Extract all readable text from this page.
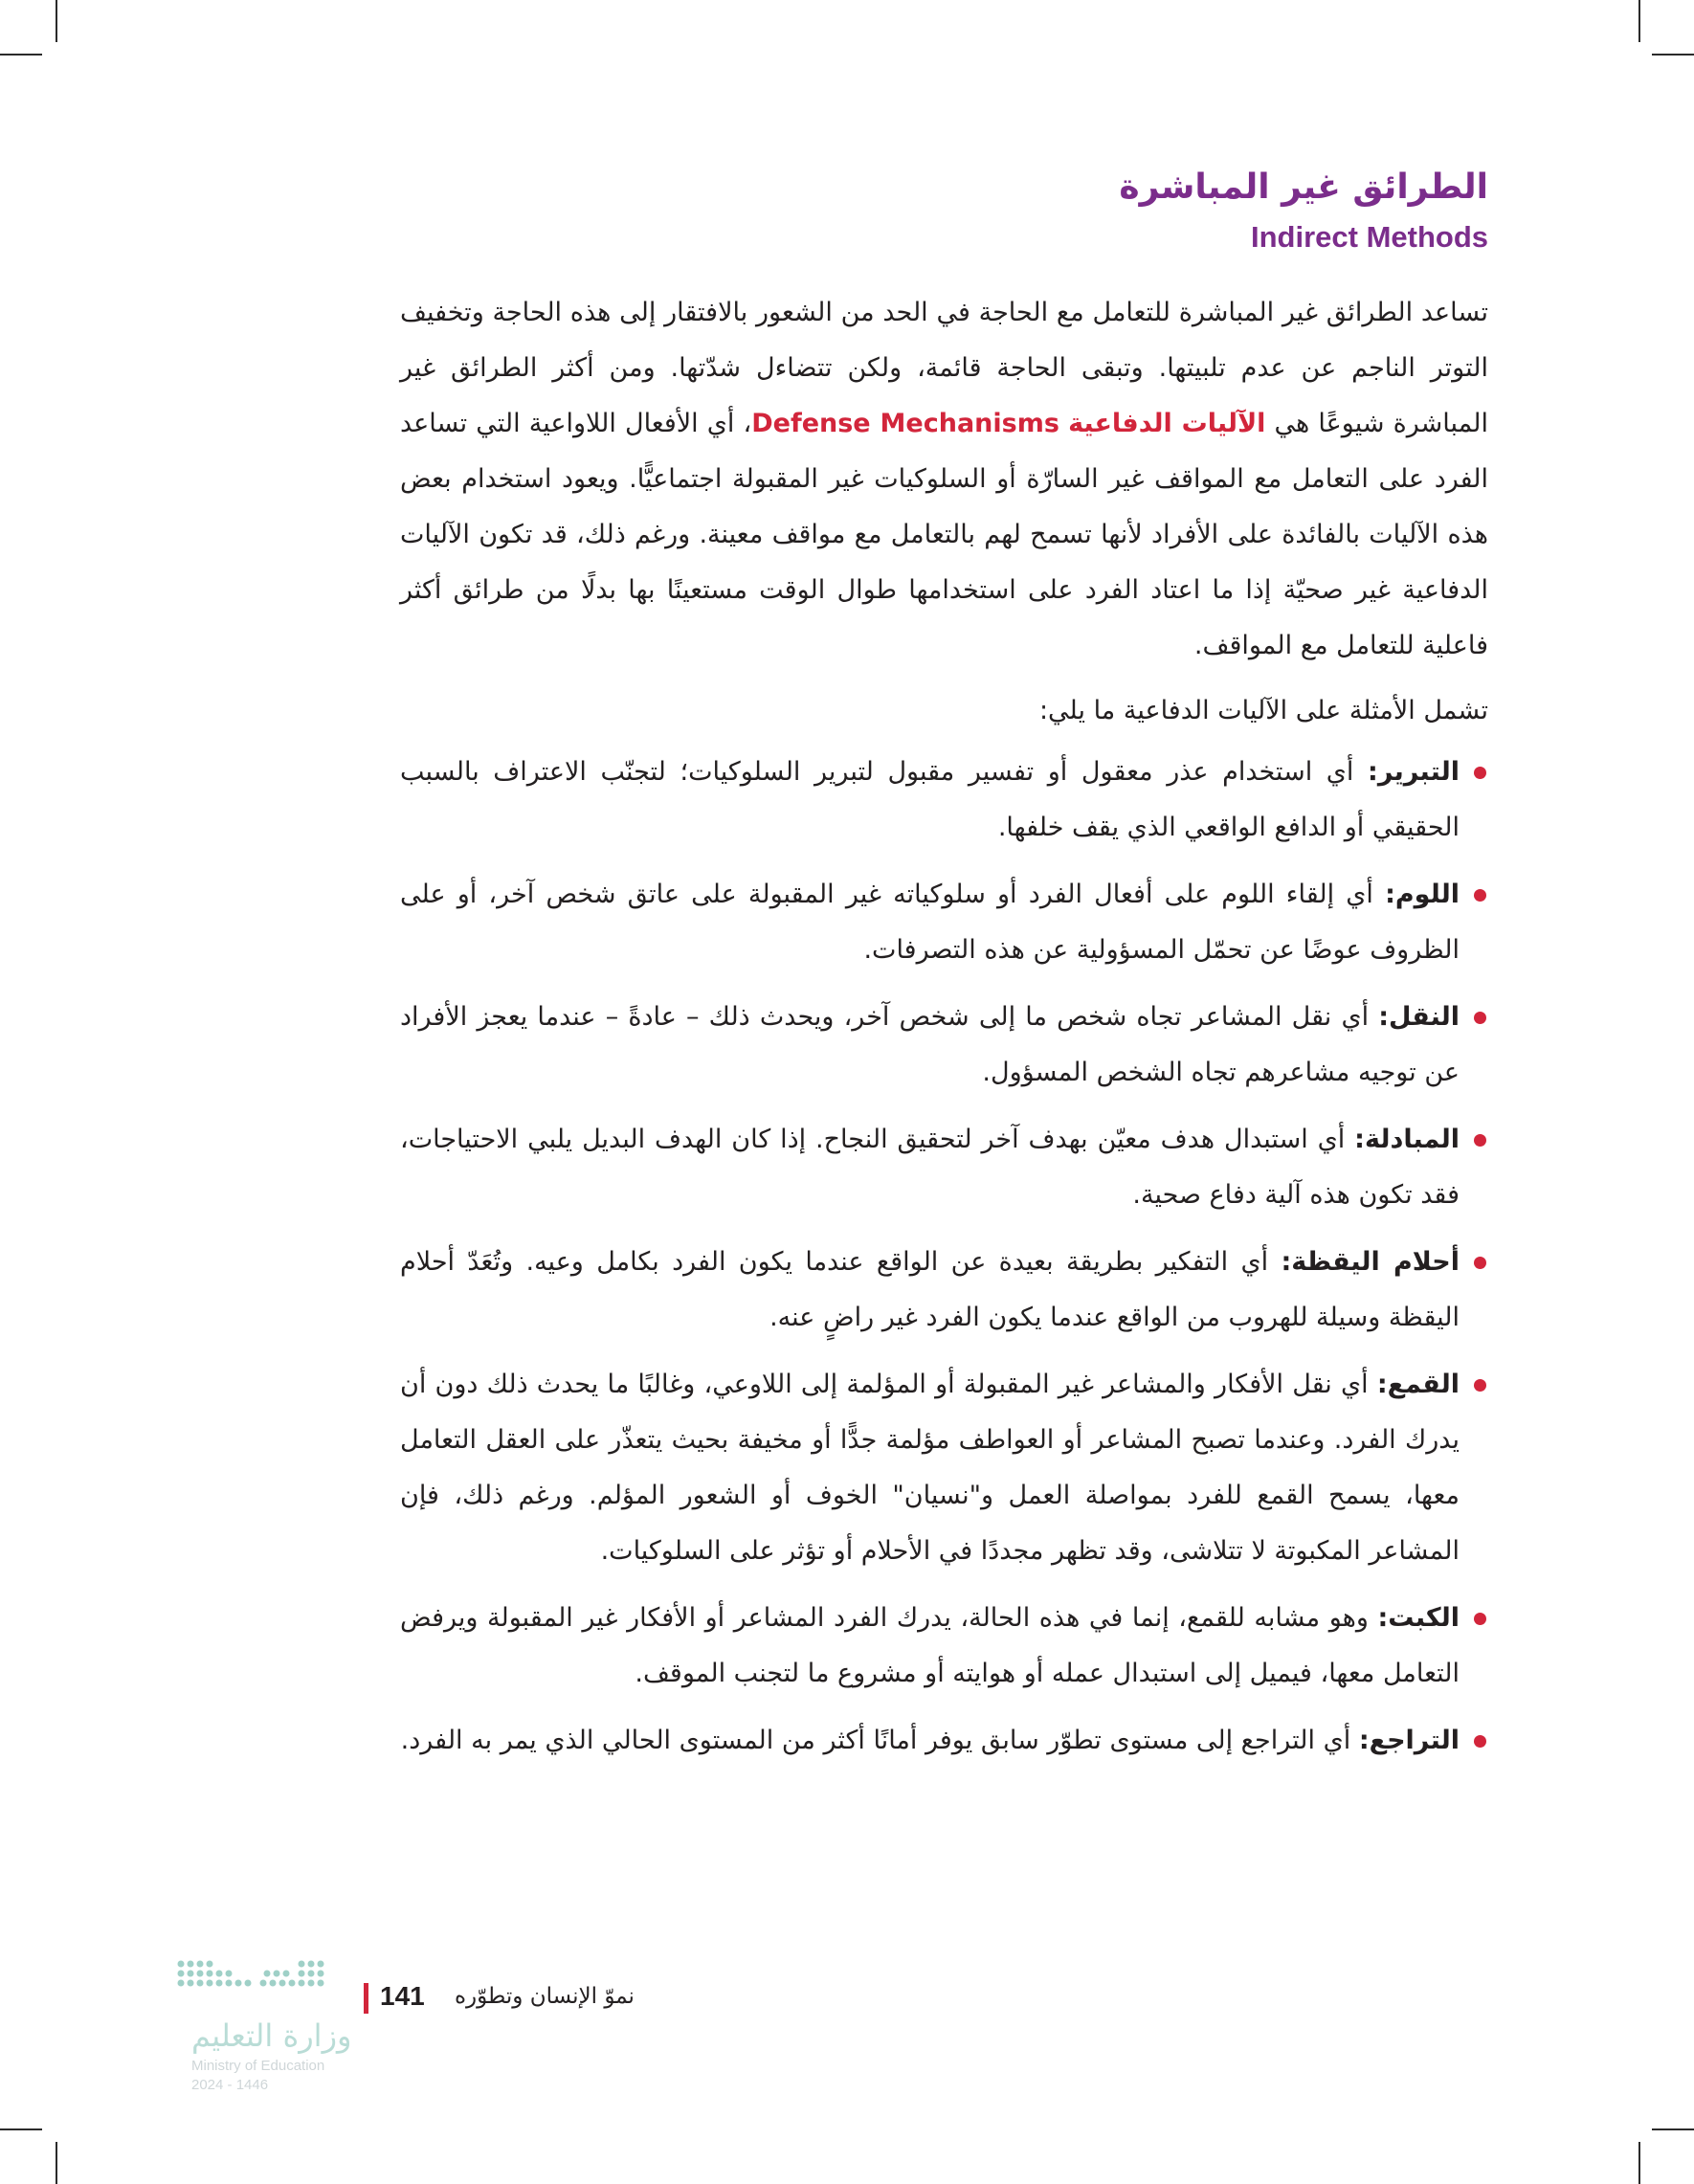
الطرائق غير المباشرة
Indirect Methods

تساعد الطرائق غير المباشرة للتعامل مع الحاجة في الحد من الشعور بالافتقار إلى هذه الحاجة وتخفيف التوتر الناجم عن عدم تلبيتها. وتبقى الحاجة قائمة، ولكن تتضاءل شدّتها. ومن أكثر الطرائق غير المباشرة شيوعًا هي الآليات الدفاعية Defense Mechanisms، أي الأفعال اللاواعية التي تساعد الفرد على التعامل مع المواقف غير السارّة أو السلوكيات غير المقبولة اجتماعيًّا. ويعود استخدام بعض هذه الآليات بالفائدة على الأفراد لأنها تسمح لهم بالتعامل مع مواقف معينة. ورغم ذلك، قد تكون الآليات الدفاعية غير صحيّة إذا ما اعتاد الفرد على استخدامها طوال الوقت مستعينًا بها بدلًا من طرائق أكثر فاعلية للتعامل مع المواقف.

تشمل الأمثلة على الآليات الدفاعية ما يلي:

التبرير: أي استخدام عذر معقول أو تفسير مقبول لتبرير السلوكيات؛ لتجنّب الاعتراف بالسبب الحقيقي أو الدافع الواقعي الذي يقف خلفها.
اللوم: أي إلقاء اللوم على أفعال الفرد أو سلوكياته غير المقبولة على عاتق شخص آخر، أو على الظروف عوضًا عن تحمّل المسؤولية عن هذه التصرفات.
النقل: أي نقل المشاعر تجاه شخص ما إلى شخص آخر، ويحدث ذلك – عادةً – عندما يعجز الأفراد عن توجيه مشاعرهم تجاه الشخص المسؤول.
المبادلة: أي استبدال هدف معيّن بهدف آخر لتحقيق النجاح. إذا كان الهدف البديل يلبي الاحتياجات، فقد تكون هذه آلية دفاع صحية.
أحلام اليقظة: أي التفكير بطريقة بعيدة عن الواقع عندما يكون الفرد بكامل وعيه. وتُعَدّ أحلام اليقظة وسيلة للهروب من الواقع عندما يكون الفرد غير راضٍ عنه.
القمع: أي نقل الأفكار والمشاعر غير المقبولة أو المؤلمة إلى اللاوعي، وغالبًا ما يحدث ذلك دون أن يدرك الفرد. وعندما تصبح المشاعر أو العواطف مؤلمة جدًّا أو مخيفة بحيث يتعذّر على العقل التعامل معها، يسمح القمع للفرد بمواصلة العمل و"نسيان" الخوف أو الشعور المؤلم. ورغم ذلك، فإن المشاعر المكبوتة لا تتلاشى، وقد تظهر مجددًا في الأحلام أو تؤثر على السلوكيات.
الكبت: وهو مشابه للقمع، إنما في هذه الحالة، يدرك الفرد المشاعر أو الأفكار غير المقبولة ويرفض التعامل معها، فيميل إلى استبدال عمله أو هوايته أو مشروع ما لتجنب الموقف.
التراجع: أي التراجع إلى مستوى تطوّر سابق يوفر أمانًا أكثر من المستوى الحالي الذي يمر به الفرد.
141 نموّ الإنسان وتطوّره
وزارة التعليم
Ministry of Education
2024 - 1446
